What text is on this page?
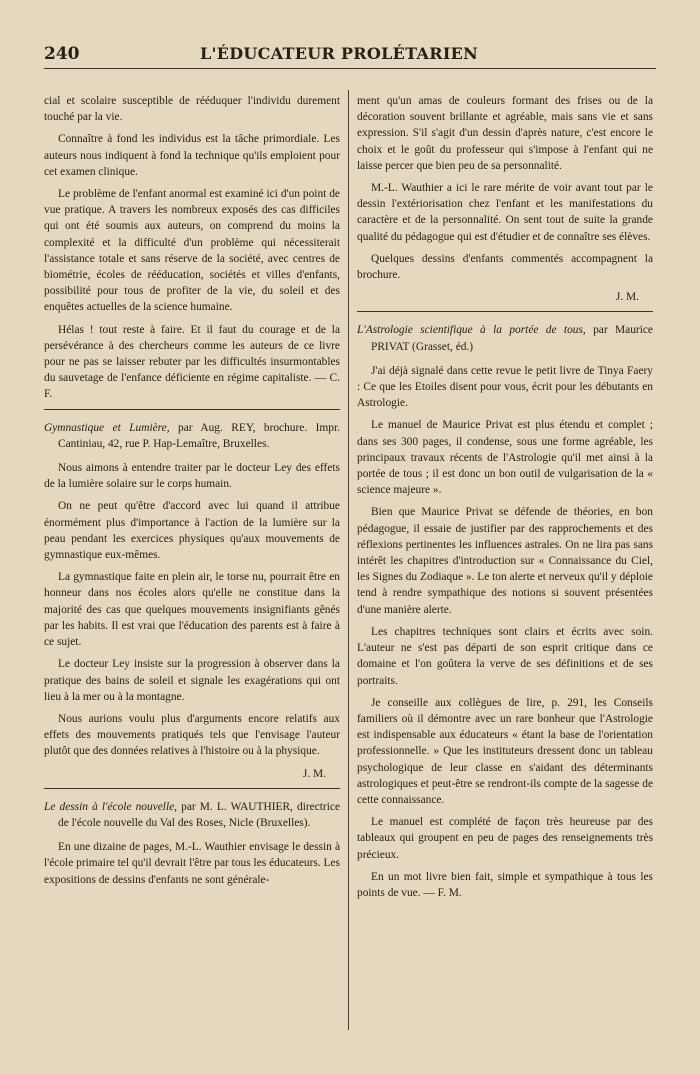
240	L'ÉDUCATEUR PROLÉTARIEN

cial et scolaire susceptible de rééduquer l'individu durement touché par la vie.

Connaître à fond les individus est la tâche primordiale. Les auteurs nous indiquent à fond la technique qu'ils emploient pour cet examen clinique.

Le problème de l'enfant anormal est examiné ici d'un point de vue pratique. A travers les nombreux exposés des cas difficiles qui ont été soumis aux auteurs, on comprend du moins la complexité et la difficulté d'un problème qui nécessiterait l'assistance totale et sans réserve de la société, avec centres de biométrie, écoles de rééducation, sociétés et villes d'enfants, possibilité pour tous de profiter de la vie, du soleil et des enquêtes actuelles de la science humaine.

Hélas ! tout reste à faire. Et il faut du courage et de la persévérance à des chercheurs comme les auteurs de ce livre pour ne pas se laisser rebuter par les difficultés insurmontables du sauvetage de l'enfance déficiente en régime capitaliste. — C. F.

Gymnastique et Lumière, par Aug. REY, brochure. Impr. Cantiniau, 42, rue P. Hap-Lemaître, Bruxelles.

Nous aimons à entendre traiter par le docteur Ley des effets de la lumière solaire sur le corps humain.

On ne peut qu'être d'accord avec lui quand il attribue énormément plus d'importance à l'action de la lumière sur la peau pendant les exercices physiques qu'aux mouvements de gymnastique eux-mêmes.

La gymnastique faite en plein air, le torse nu, pourrait être en honneur dans nos écoles alors qu'elle ne constitue dans la majorité des cas que quelques mouvements insignifiants gênés par les habits. Il est vrai que l'éducation des parents est à faire à ce sujet.

Le docteur Ley insiste sur la progression à observer dans la pratique des bains de soleil et signale les exagérations qui ont lieu à la mer ou à la montagne.

Nous aurions voulu plus d'arguments encore relatifs aux effets des mouvements pratiqués tels que l'envisage l'auteur plutôt que des données relatives à l'histoire ou à la physique.

J. M.
Le dessin à l'école nouvelle, par M. L. WAUTHIER, directrice de l'école nouvelle du Val des Roses, Nicle (Bruxelles).

En une dizaine de pages, M.-L. Wauthier envisage le dessin à l'école primaire tel qu'il devrait l'être par tous les éducateurs. Les expositions de dessins d'enfants ne sont générale-

ment qu'un amas de couleurs formant des frises ou de la décoration souvent brillante et agréable, mais sans vie et sans expression. S'il s'agit d'un dessin d'après nature, c'est encore le choix et le goût du professeur qui s'impose à l'enfant qui ne laisse percer que bien peu de sa personnalité.

M.-L. Wauthier a ici le rare mérite de voir avant tout par le dessin l'extériorisation chez l'enfant et les manifestations du caractère et de la personnalité. On sent tout de suite la grande qualité du pédagogue qui est d'étudier et de connaître ses élèves.

Quelques dessins d'enfants commentés accompagnent la brochure.

J. M.
L'Astrologie scientifique à la portée de tous, par Maurice PRIVAT (Grasset, éd.)

J'ai déjà signalé dans cette revue le petit livre de Tinya Faery : Ce que les Etoiles disent pour vous, écrit pour les débutants en Astrologie.

Le manuel de Maurice Privat est plus étendu et complet ; dans ses 300 pages, il condense, sous une forme agréable, les principaux travaux récents de l'Astrologie qu'il met ainsi à la portée de tous ; il est donc un bon outil de vulgarisation de la « science majeure ».

Bien que Maurice Privat se défende de théories, en bon pédagogue, il essaie de justifier par des rapprochements et des réflexions pertinentes les influences astrales. On ne lira pas sans intérêt les chapitres d'introduction sur « Connaissance du Ciel, les Signes du Zodiaque ». Le ton alerte et nerveux qu'il y déploie tend à rendre sympathique des notions si souvent présentées d'une manière alerte.

Les chapitres techniques sont clairs et écrits avec soin. L'auteur ne s'est pas départi de son esprit critique dans ce domaine et l'on goûtera la verve de ses définitions et de ses portraits.

Je conseille aux collègues de lire, p. 291, les Conseils familiers où il démontre avec un rare bonheur que l'Astrologie est indispensable aux éducateurs « étant la base de l'orientation professionnelle. » Que les instituteurs dressent donc un tableau psychologique de leur classe en s'aidant des déterminants astrologiques et peut-être se rendront-ils compte de la sagesse de cette connaissance.

Le manuel est complété de façon très heureuse par des tableaux qui groupent en peu de pages des renseignements très précieux.

En un mot livre bien fait, simple et sympathique à tous les points de vue. — F. M.
